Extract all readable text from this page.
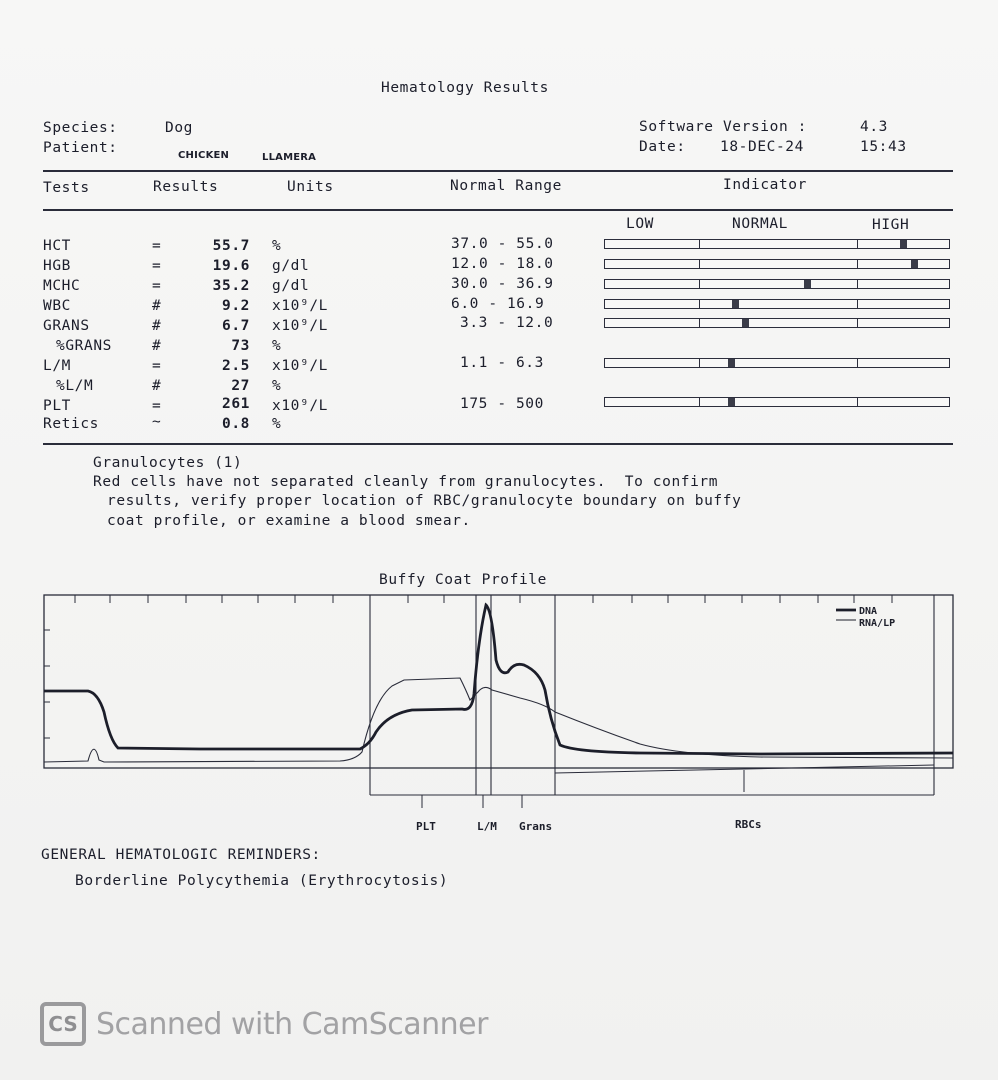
Hematology Results
Species:	Dog
Patient:	CHICKEN	LLAMERA
Software Version :	4.3
Date: 18-DEC-24	15:43
Tests	Results	Units	Normal Range	Indicator
LOW	NORMAL	HIGH
HCT	=	55.7 %	37.0 - 55.0
HGB	=	19.6 g/dl	12.0 - 18.0
MCHC	=	35.2 g/dl	30.0 - 36.9
WBC	#	9.2 x10⁹/L	6.0 - 16.9
GRANS	#	6.7 x10⁹/L	3.3 - 12.0
%GRANS	#	73 %
L/M	=	2.5 x10⁹/L	1.1 - 6.3
%L/M	#	27 %
PLT	=	261 x10⁹/L	175 - 500
Retics	~	0.8 %
Granulocytes (1)
Red cells have not separated cleanly from granulocytes.  To confirm
results, verify proper location of RBC/granulocyte boundary on buffy
coat profile, or examine a blood smear.
Buffy Coat Profile
DNA
RNA/LP
PLT	L/M Grans	RBCs
GENERAL HEMATOLOGIC REMINDERS:
Borderline Polycythemia (Erythrocytosis)
CS Scanned with CamScanner
